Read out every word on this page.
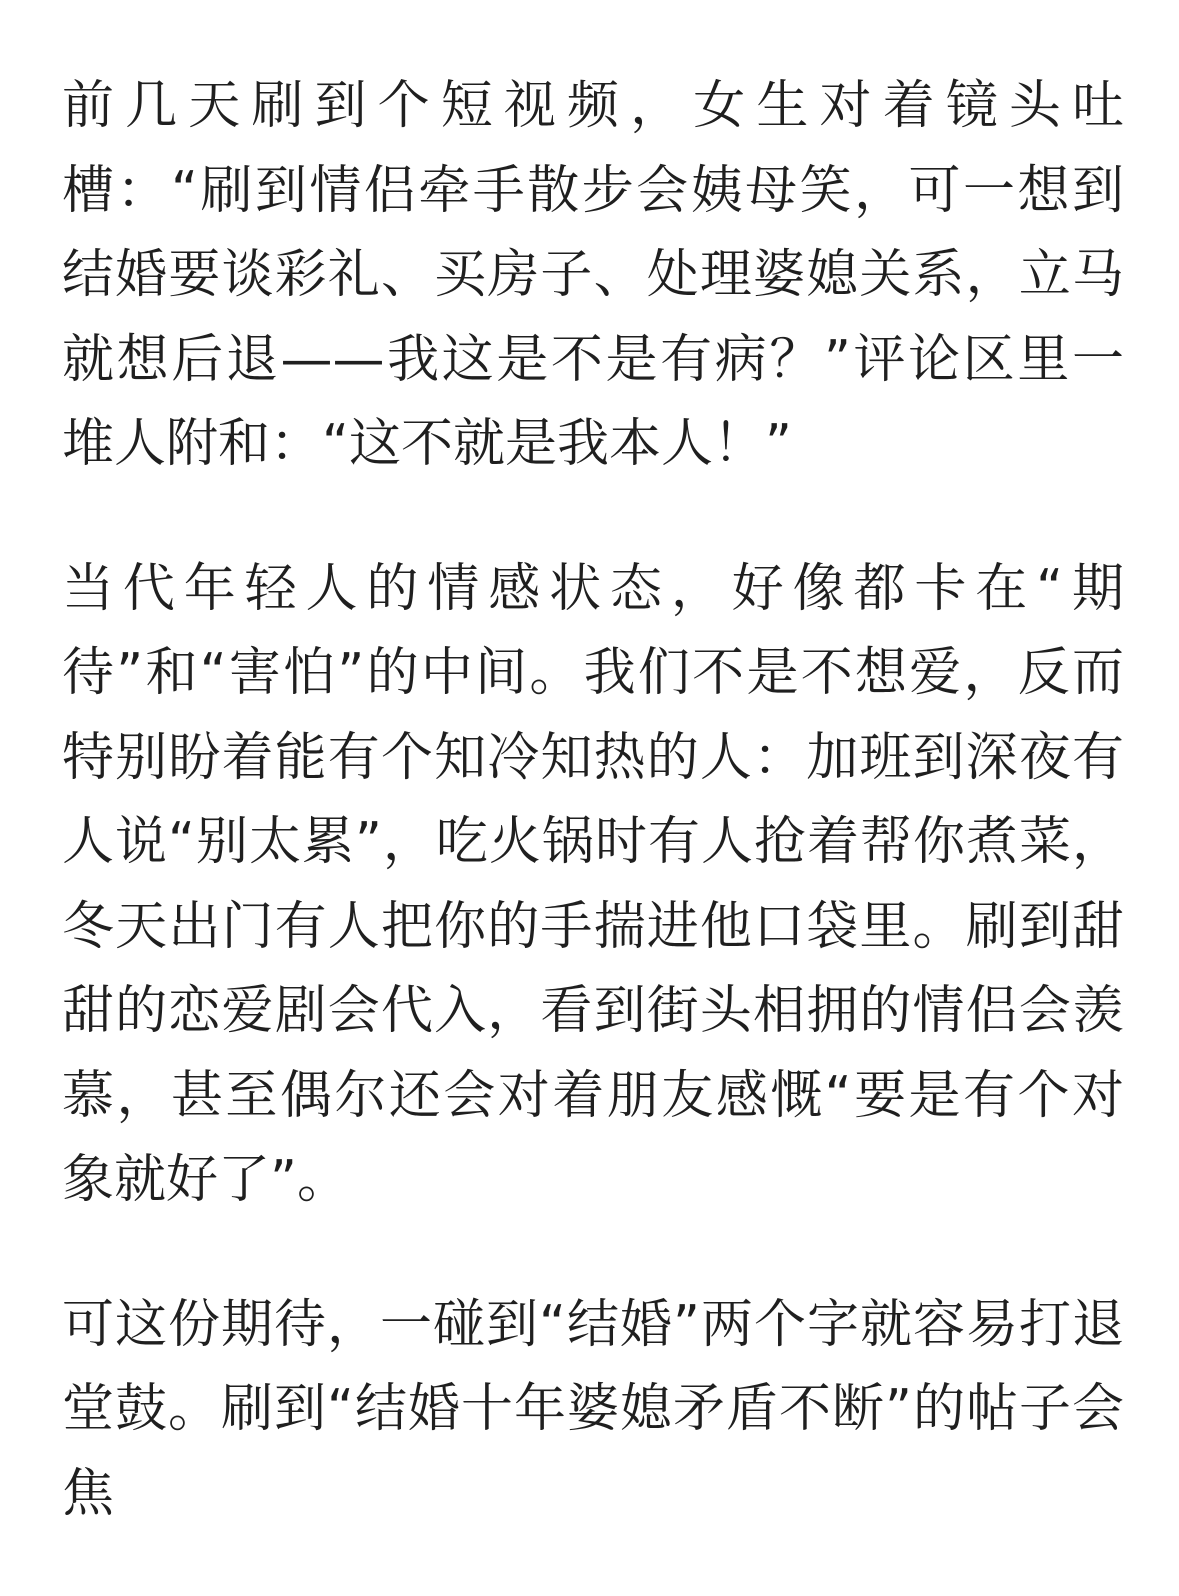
前几天刷到个短视频，女生对着镜头吐槽：“刷到情侣牵手散步会姨母笑，可一想到结婚要谈彩礼、买房子、处理婆媳关系，立马就想后退——我这是不是有病？”评论区里一堆人附和：“这不就是我本人！”

当代年轻人的情感状态，好像都卡在“期待”和“害怕”的中间。我们不是不想爱，反而特别盼着能有个知冷知热的人：加班到深夜有人说“别太累”，吃火锅时有人抢着帮你煮菜，冬天出门有人把你的手揣进他口袋里。刷到甜甜的恋爱剧会代入，看到街头相拥的情侣会羡慕，甚至偶尔还会对着朋友感慨“要是有个对象就好了”。

可这份期待，一碰到“结婚”两个字就容易打退堂鼓。刷到“结婚十年婆媳矛盾不断”的帖子会焦
